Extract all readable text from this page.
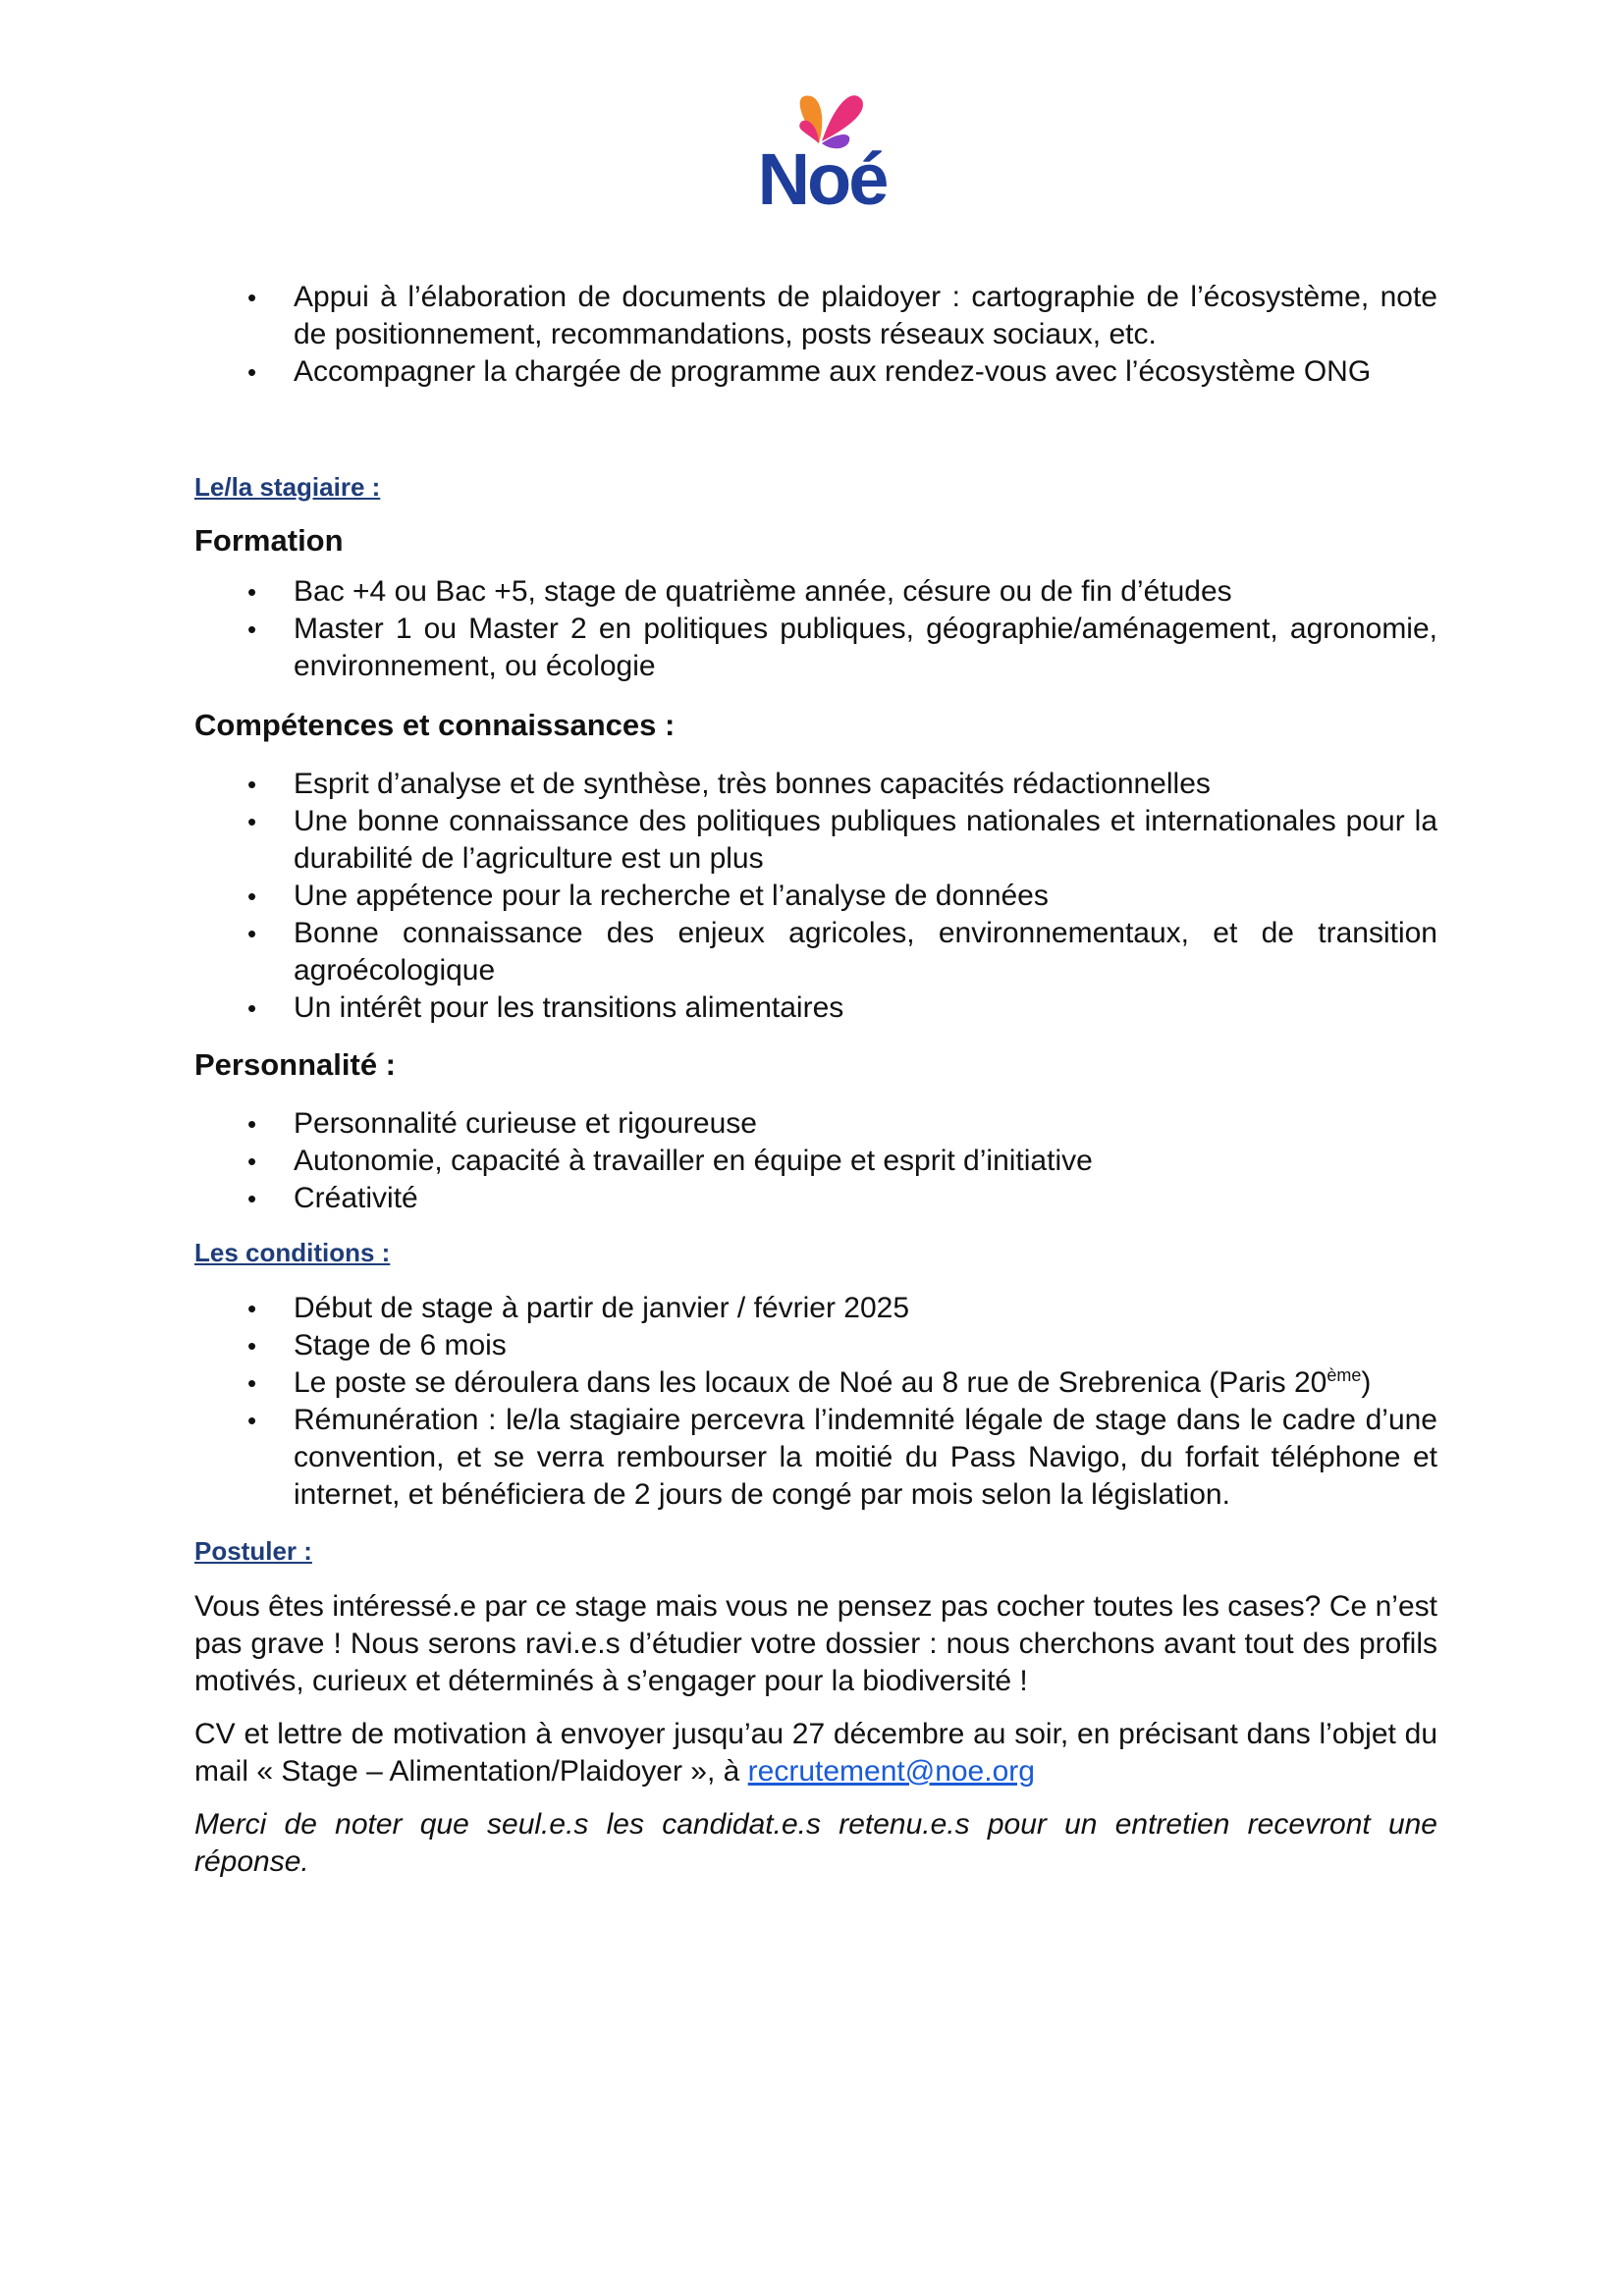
Noé
• Appui à l’élaboration de documents de plaidoyer : cartographie de l’écosystème, note de positionnement, recommandations, posts réseaux sociaux, etc.
• Accompagner la chargée de programme aux rendez-vous avec l’écosystème ONG
Le/la stagiaire :
Formation
• Bac +4 ou Bac +5, stage de quatrième année, césure ou de fin d’études
• Master 1 ou Master 2 en politiques publiques, géographie/aménagement, agronomie, environnement, ou écologie
Compétences et connaissances :
• Esprit d’analyse et de synthèse, très bonnes capacités rédactionnelles
• Une bonne connaissance des politiques publiques nationales et internationales pour la durabilité de l’agriculture est un plus
• Une appétence pour la recherche et l’analyse de données
• Bonne connaissance des enjeux agricoles, environnementaux, et de transition agroécologique
• Un intérêt pour les transitions alimentaires
Personnalité :
• Personnalité curieuse et rigoureuse
• Autonomie, capacité à travailler en équipe et esprit d’initiative
• Créativité
Les conditions :
• Début de stage à partir de janvier / février 2025
• Stage de 6 mois
• Le poste se déroulera dans les locaux de Noé au 8 rue de Srebrenica (Paris 20ème)
• Rémunération : le/la stagiaire percevra l’indemnité légale de stage dans le cadre d’une convention, et se verra rembourser la moitié du Pass Navigo, du forfait téléphone et internet, et bénéficiera de 2 jours de congé par mois selon la législation.
Postuler :

Vous êtes intéressé.e par ce stage mais vous ne pensez pas cocher toutes les cases? Ce n’est pas grave ! Nous serons ravi.e.s d’étudier votre dossier : nous cherchons avant tout des profils motivés, curieux et déterminés à s’engager pour la biodiversité !

CV et lettre de motivation à envoyer jusqu’au 27 décembre au soir, en précisant dans l’objet du mail « Stage – Alimentation/Plaidoyer », à recrutement@noe.org

Merci de noter que seul.e.s les candidat.e.s retenu.e.s pour un entretien recevront une réponse.
